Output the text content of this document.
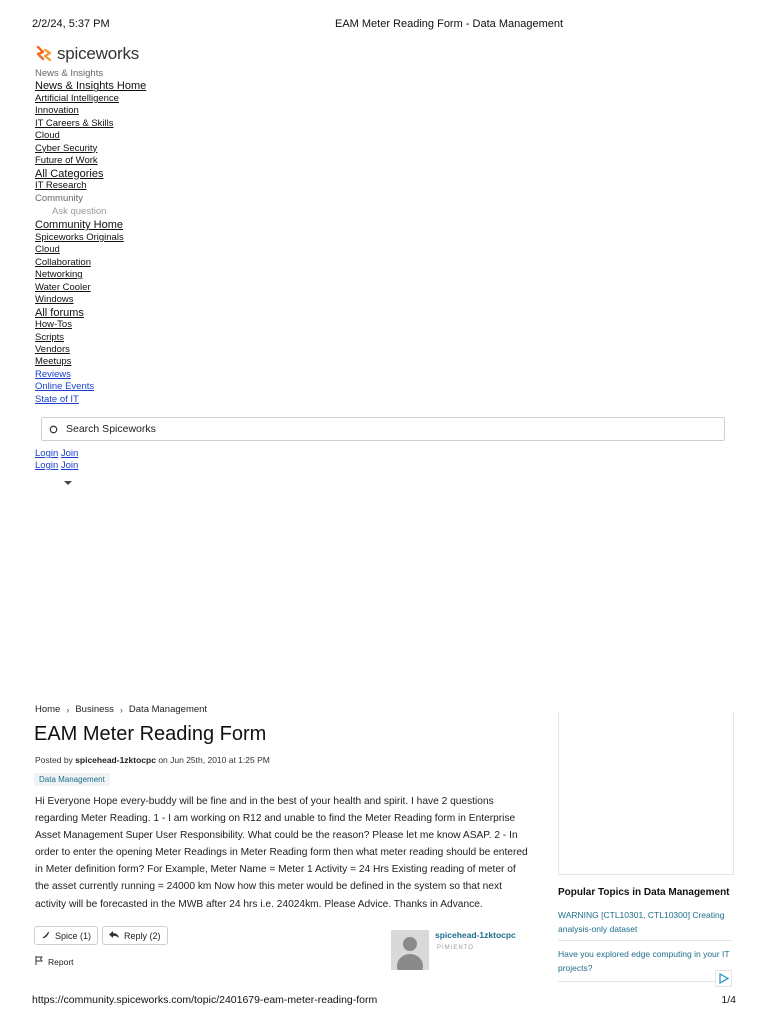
2/2/24, 5:37 PM	EAM Meter Reading Form - Data Management
spiceworks
News & Insights
News & Insights Home
Artificial Intelligence
Innovation
IT Careers & Skills
Cloud
Cyber Security
Future of Work
All Categories
IT Research
Community
Ask question
Community Home
Spiceworks Originals
Cloud
Collaboration
Networking
Water Cooler
Windows
All forums
How-Tos
Scripts
Vendors
Meetups
Reviews
Online Events
State of IT
Search Spiceworks
Login Join
Login Join
Home › Business › Data Management
EAM Meter Reading Form
Posted by spicehead-1zktocpc on Jun 25th, 2010 at 1:25 PM
Data Management
Hi Everyone Hope every-buddy will be fine and in the best of your health and spirit. I have 2 questions regarding Meter Reading. 1 - I am working on R12 and unable to find the Meter Reading form in Enterprise Asset Management Super User Responsibility. What could be the reason? Please let me know ASAP. 2 - In order to enter the opening Meter Readings in Meter Reading form then what meter reading should be entered in Meter definition form? For Example, Meter Name = Meter 1 Activity = 24 Hrs Existing reading of meter of the asset currently running = 24000 km Now how this meter would be defined in the system so that next activity will be forecasted in the MWB after 24 hrs i.e. 24024km. Please Advice. Thanks in Advance.
Spice (1)	Reply (2)
Report
spicehead-1zktocpc
PIMIENTO
Popular Topics in Data Management
WARNING [CTL10301, CTL10300] Creating analysis-only dataset
Have you explored edge computing in your IT projects?
https://community.spiceworks.com/topic/2401679-eam-meter-reading-form	1/4
